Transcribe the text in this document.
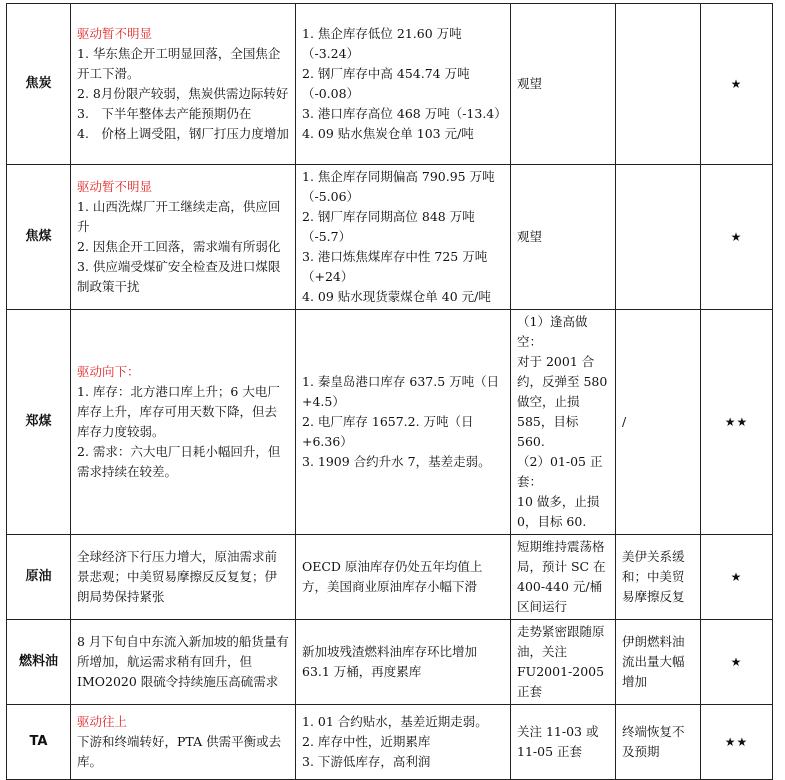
焦炭	驱动暂不明显
1. 华东焦企开工明显回落，全国焦企开工下滑。
2. 8月份限产较弱，焦炭供需边际转好
3.　下半年整体去产能预期仍在
4.　价格上调受阻，钢厂打压力度增加	1. 焦企库存低位 21.60 万吨（-3.24）
2. 钢厂库存中高 454.74 万吨（-0.08）
3. 港口库存高位 468 万吨（-13.4）
4. 09 贴水焦炭仓单 103 元/吨	观望		★
焦煤	驱动暂不明显
1. 山西洗煤厂开工继续走高，供应回升
2. 因焦企开工回落，需求端有所弱化
3. 供应端受煤矿安全检查及进口煤限制政策干扰	1. 焦企库存同期偏高 790.95 万吨（-5.06）
2. 钢厂库存同期高位 848 万吨（-5.7）
3. 港口炼焦煤库存中性 725 万吨（+24）
4. 09 贴水现货蒙煤仓单 40 元/吨	观望		★
郑煤	驱动向下：
1. 库存：北方港口库上升；6 大电厂库存上升，库存可用天数下降，但去库存力度较弱。
2. 需求：六大电厂日耗小幅回升，但需求持续在较差。	1. 秦皇岛港口库存 637.5 万吨（日+4.5）
2. 电厂库存 1657.2. 万吨（日+6.36）
3. 1909 合约升水 7，基差走弱。	（1）逢高做空：
对于 2001 合约，反弹至 580 做空，止损 585，目标 560.
（2）01-05 正套：
10 做多，止损 0，目标 60.	/	★★
原油	全球经济下行压力增大，原油需求前景悲观；中美贸易摩擦反反复复；伊朗局势保持紧张	OECD 原油库存仍处五年均值上方，美国商业原油库存小幅下滑	短期维持震荡格局，预计 SC 在 400-440 元/桶区间运行	美伊关系缓和；中美贸易摩擦反复	★
燃料油	8 月下旬自中东流入新加坡的船货量有所增加，航运需求稍有回升，但 IMO2020 限硫令持续施压高硫需求	新加坡残渣燃料油库存环比增加 63.1 万桶，再度累库	走势紧密跟随原油，关注 FU2001-2005 正套	伊朗燃料油流出量大幅增加	★
TA	驱动往上
下游和终端转好，PTA 供需平衡或去库。	1. 01 合约贴水，基差近期走弱。
2. 库存中性，近期累库
3. 下游低库存，高利润	关注 11-03 或 11-05 正套	终端恢复不及预期	★★
